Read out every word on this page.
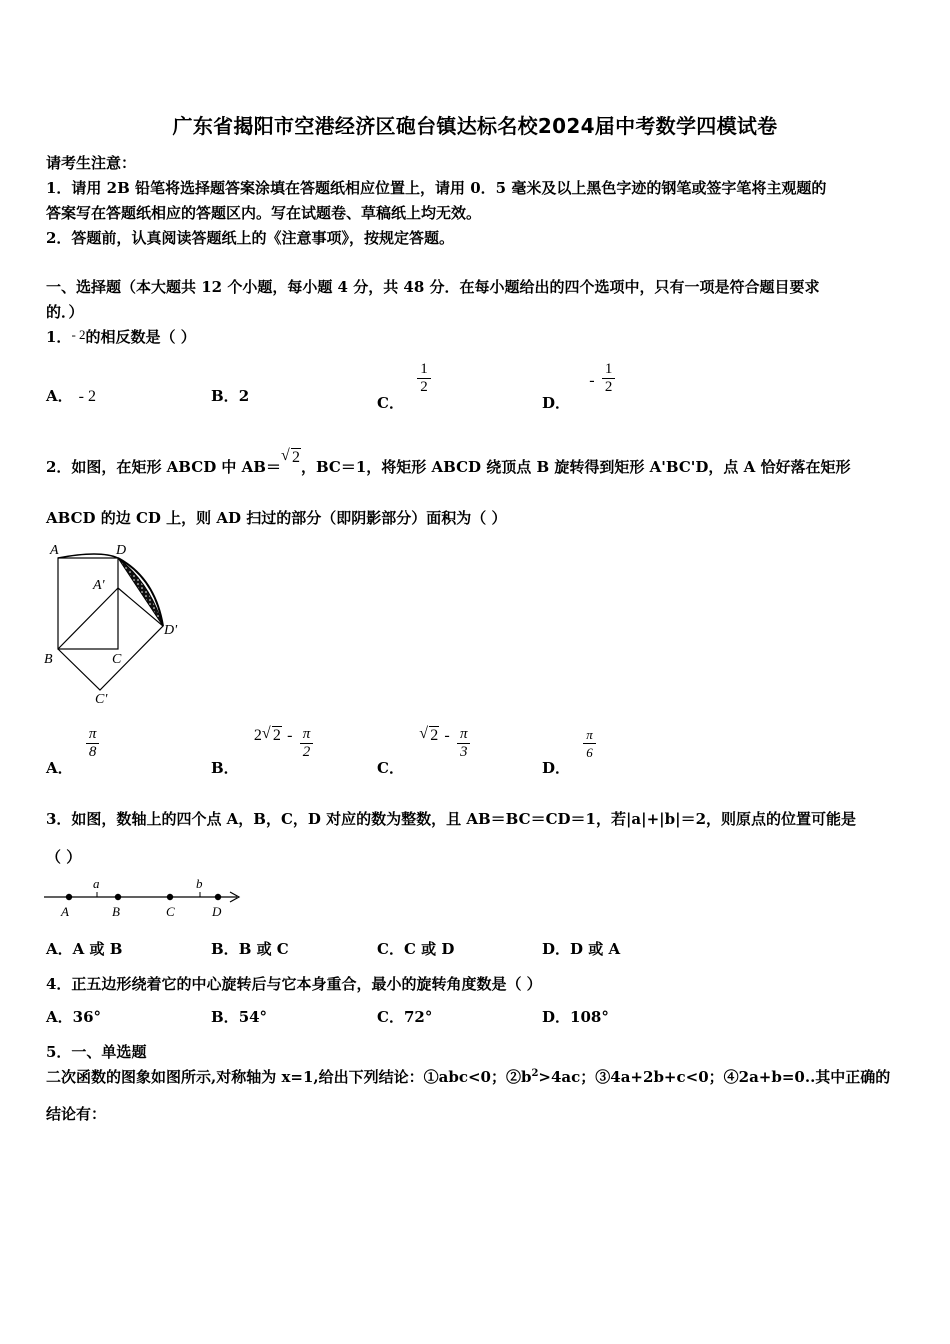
广东省揭阳市空港经济区砲台镇达标名校2024届中考数学四模试卷
请考生注意：
1．请用 2B 铅笔将选择题答案涂填在答题纸相应位置上，请用 0．5 毫米及以上黑色字迹的钢笔或签字笔将主观题的
答案写在答题纸相应的答题区内。写在试题卷、草稿纸上均无效。
2．答题前，认真阅读答题纸上的《注意事项》，按规定答题。
一、选择题（本大题共 12 个小题，每小题 4 分，共 48 分．在每小题给出的四个选项中，只有一项是符合题目要求
的．）
1．- 2的相反数是（ ）
A． - 2	B．2	C．
$\frac{1}{2}$
D． - $\frac{1}{2}$
2．如图，在矩形 ABCD 中 AB＝
√ 2，BC＝1，将矩形 ABCD 绕顶点 B 旋转得到矩形 A'BC'D，点 A 恰好落在矩形
ABCD 的边 CD 上，则 AD 扫过的部分（即阴影部分）面积为（ ）
A	D
A'
D'
B	C
C'
A．
$\frac{\pi}{8}$
B． 2 √ $2 - \frac{\pi}{2}$
C．
√ $2 - \frac{\pi}{3}$
D．
$\frac{\pi}{6}$
3．如图，数轴上的四个点 A，B，C，D 对应的数为整数，且 AB＝BC＝CD＝1，若|a|+|b|＝2，则原点的位置可能是
（ ）
a	b
A	B	C	D
A．A 或 B	B．B 或 C	C．C 或 D	D．D 或 A
4．正五边形绕着它的中心旋转后与它本身重合，最小的旋转角度数是（ ）
A．36°	B．54°	C．72°	D．108°
5．一、单选题
二次函数的图象如图所示,对称轴为 x=1,给出下列结论：①abc<0；$②b^2>4ac$；③4a+2b+c<0；④2a+b=0..其中正确的
结论有：
